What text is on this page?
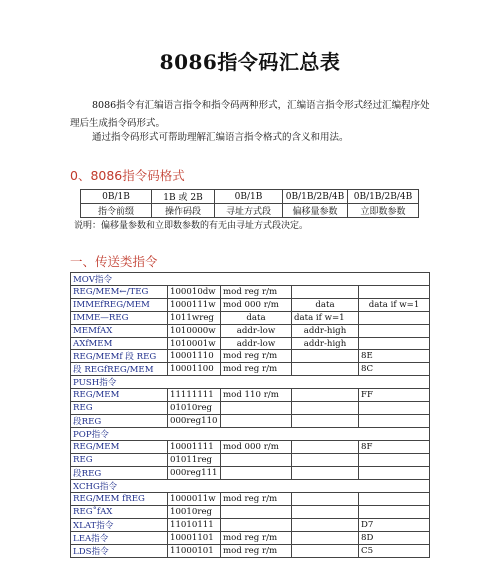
8086指令码汇总表
8086指令有汇编语言指令和指令码两种形式，汇编语言指令形式经过汇编程序处理后生成指令码形式。
通过指令码形式可帮助理解汇编语言指令格式的含义和用法。
0、8086指令码格式
0B/1B	1B 或 2B	0B/1B	0B/1B/2B/4B	0B/1B/2B/4B
指令前缀	操作码段	寻址方式段	偏移量参数	立即数参数
说明：偏移量参数和立即数参数的有无由寻址方式段决定。
一、传送类指令
MOV指令				
REG/MEM←/TEG	100010dw	mod reg r/m		
IMMEfREG/MEM	1000111w	mod 000 r/m	data	data if w=1
IMME—REG	1011wreg	data	data if w=1	
MEMfAX	1010000w	addr-low	addr-high	
AXfMEM	1010001w	addr-low	addr-high	
REG/MEMf 段 REG	10001110	mod reg r/m		8E
段 REGfREG/MEM	10001100	mod reg r/m		8C
PUSH指令				
REG/MEM	11111111	mod 110 r/m		FF
REG	01010reg			
段REG	000reg110			
POP指令				
REG/MEM	10001111	mod 000 r/m		8F
REG	01011reg			
段REG	000reg111			
XCHG指令				
REG/MEM fREG	1000011w	mod reg r/m		
REG˚fAX	10010reg			
XLAT指令	11010111			D7
LEA指令	10001101	mod reg r/m		8D
LDS指令	11000101	mod reg r/m		C5
